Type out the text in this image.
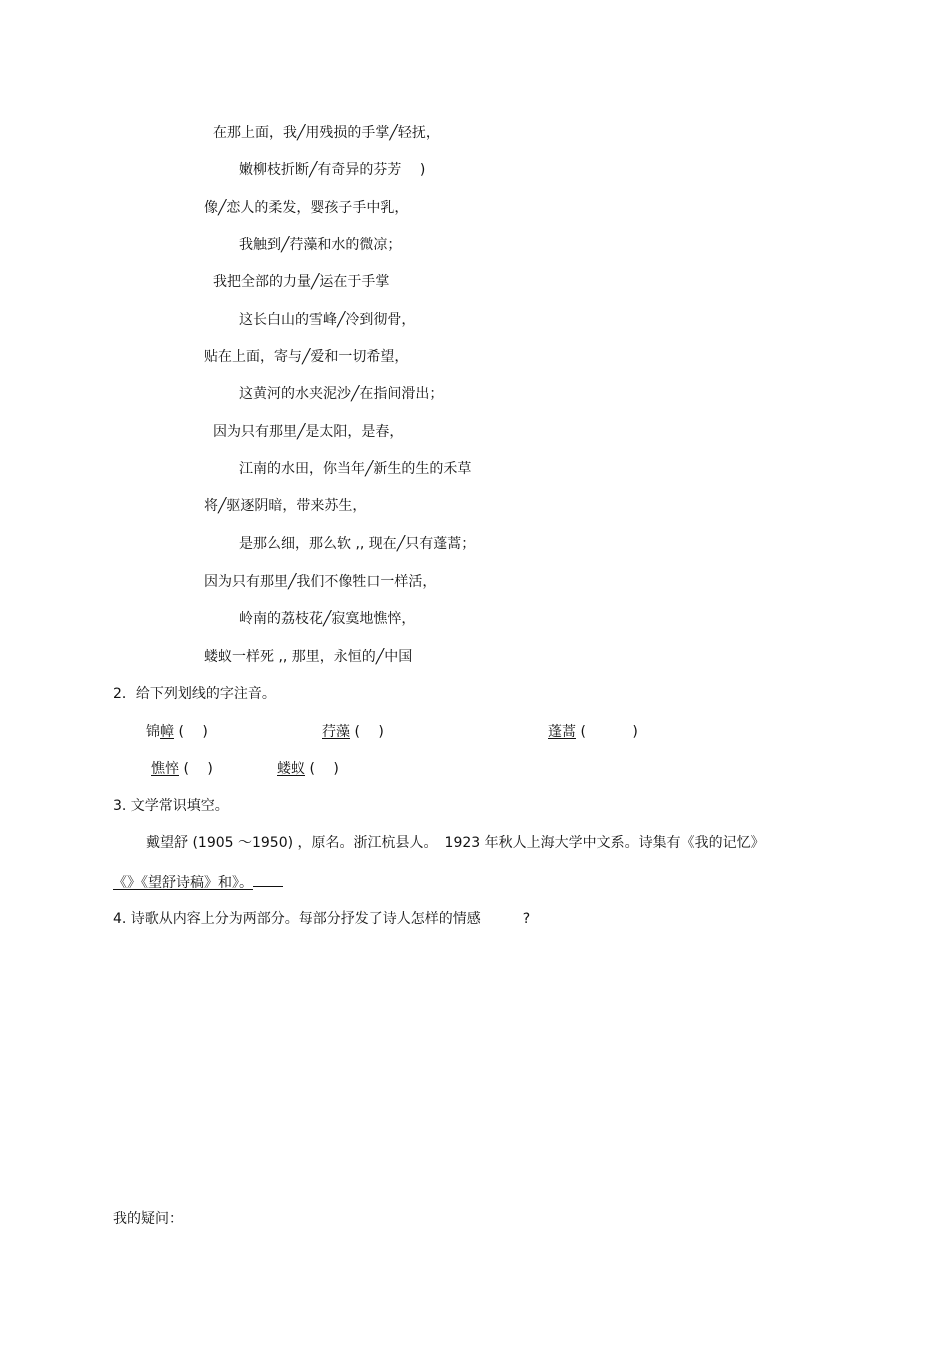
在那上面，我╱用残损的手掌╱轻抚，
嫩柳枝折断╱有奇异的芬芳　 )
像╱恋人的柔发，婴孩子手中乳，
我触到╱荇藻和水的微凉；
我把全部的力量╱运在于手掌
这长白山的雪峰╱冷到彻骨，
贴在上面，寄与╱爱和一切希望，
这黄河的水夹泥沙╱在指间滑出；
因为只有那里╱是太阳，是春，
江南的水田，你当年╱新生的生的禾草
将╱驱逐阴暗，带来苏生，
是那么细，那么软 ,, 现在╱只有蓬蒿；
因为只有那里╱我们不像牲口一样活，
岭南的荔枝花╱寂寞地憔悴，
蝼蚁一样死 ,, 那里，永恒的╱中国
2．给下列划线的字注音。
锦幛 (　 )	荇藻 (　 )	蓬蒿 (　　　 )
憔悴 (　 )	蝼蚁 (　 )
3. 文学常识填空。
戴望舒 (1905 ～1950) ，原名。浙江杭县人。　1923 年秋人上海大学中文系。诗集有《我的记忆》
《》《望舒诗稿》和》。
4. 诗歌从内容上分为两部分。每部分抒发了诗人怎样的情感　　　?
我的疑问：
